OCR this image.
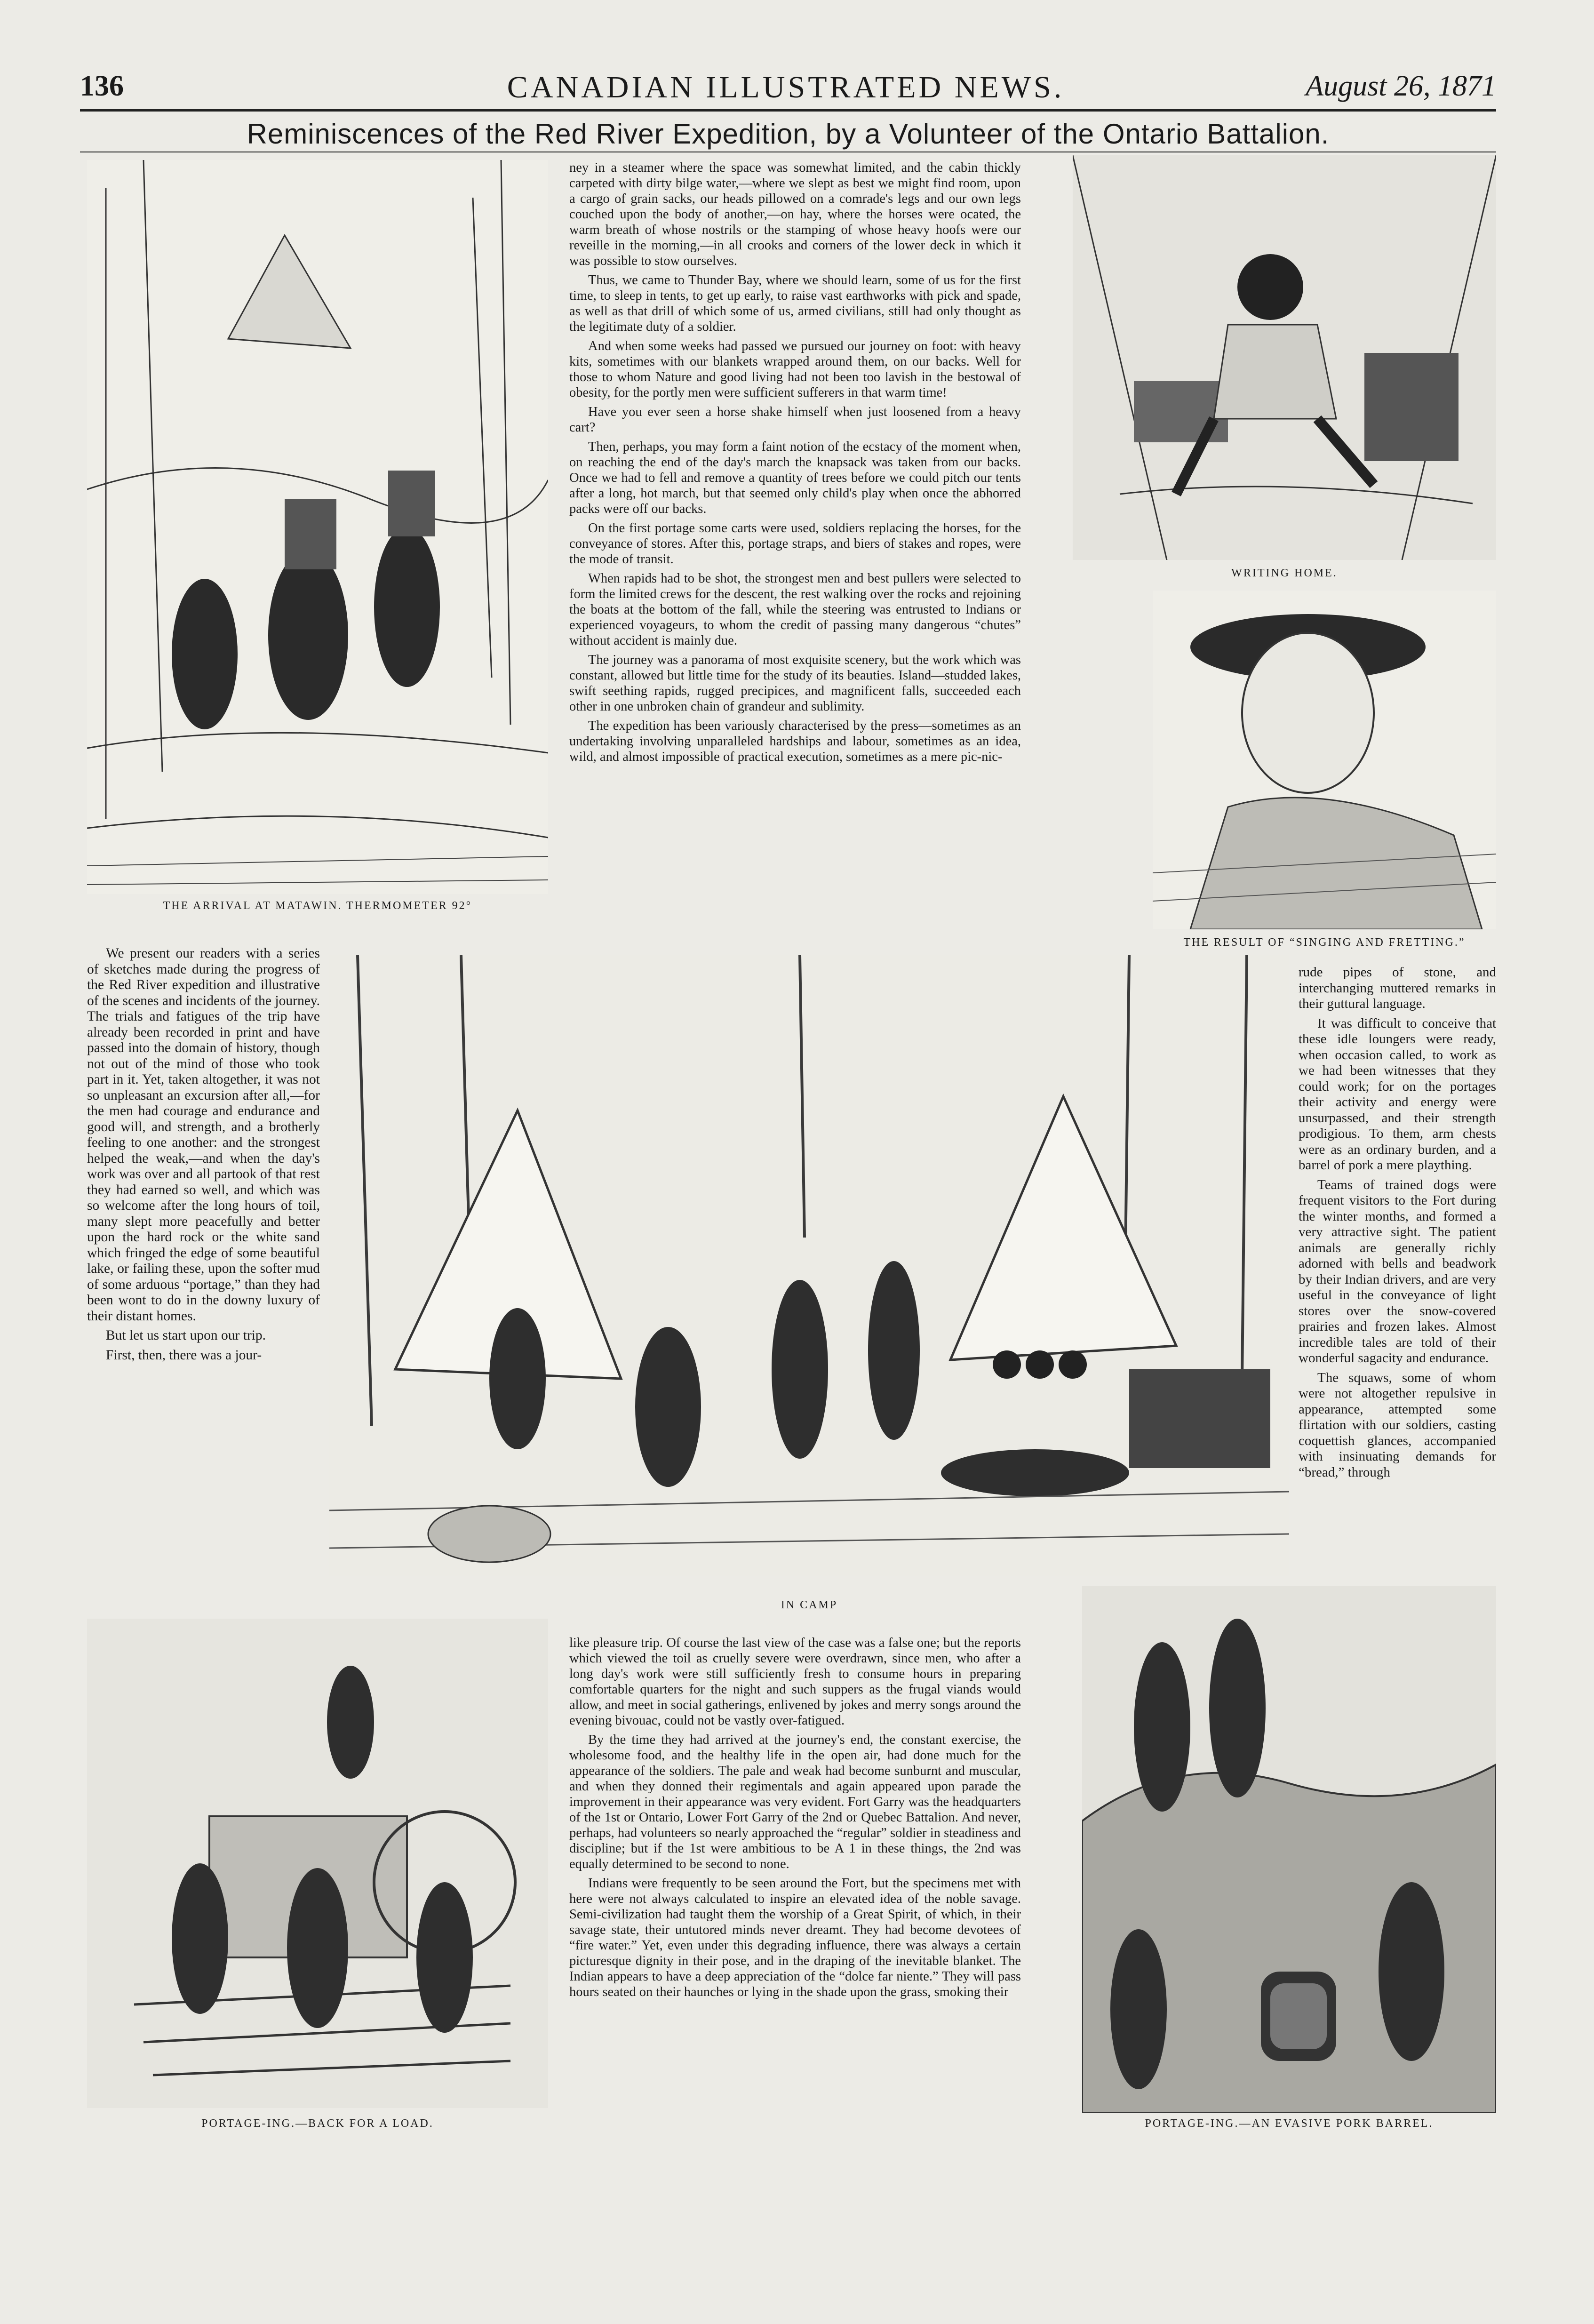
136	CANADIAN ILLUSTRATED NEWS.	August 26, 1871
Reminiscences of the Red River Expedition, by a Volunteer of the Ontario Battalion.
THE ARRIVAL AT MATAWIN. THERMOMETER 92°

ney in a steamer where the space was somewhat limited, and the cabin thickly carpeted with dirty bilge water,—where we slept as best we might find room, upon a cargo of grain sacks, our heads pillowed on a comrade's legs and our own legs couched upon the body of another,—on hay, where the horses were ocated, the warm breath of whose nostrils or the stamping of whose heavy hoofs were our reveille in the morning,—in all crooks and corners of the lower deck in which it was possible to stow ourselves.

Thus, we came to Thunder Bay, where we should learn, some of us for the first time, to sleep in tents, to get up early, to raise vast earthworks with pick and spade, as well as that drill of which some of us, armed civilians, still had only thought as the legitimate duty of a soldier.

And when some weeks had passed we pursued our journey on foot: with heavy kits, sometimes with our blankets wrapped around them, on our backs. Well for those to whom Nature and good living had not been too lavish in the bestowal of obesity, for the portly men were sufficient sufferers in that warm time!

Have you ever seen a horse shake himself when just loosened from a heavy cart?

Then, perhaps, you may form a faint notion of the ecstacy of the moment when, on reaching the end of the day's march the knapsack was taken from our backs. Once we had to fell and remove a quantity of trees before we could pitch our tents after a long, hot march, but that seemed only child's play when once the abhorred packs were off our backs.

On the first portage some carts were used, soldiers replacing the horses, for the conveyance of stores. After this, portage straps, and biers of stakes and ropes, were the mode of transit.

When rapids had to be shot, the strongest men and best pullers were selected to form the limited crews for the descent, the rest walking over the rocks and rejoining the boats at the bottom of the fall, while the steering was entrusted to Indians or experienced voyageurs, to whom the credit of passing many dangerous “chutes” without accident is mainly due.

The journey was a panorama of most exquisite scenery, but the work which was constant, allowed but little time for the study of its beauties. Island—studded lakes, swift seething rapids, rugged precipices, and magnificent falls, succeeded each other in one unbroken chain of grandeur and sublimity.

The expedition has been variously characterised by the press—sometimes as an undertaking involving unparalleled hardships and labour, sometimes as an idea, wild, and almost impossible of practical execution, sometimes as a mere pic-nic-

WRITING HOME.
THE RESULT OF “SINGING AND FRETTING.”

We present our readers with a series of sketches made during the progress of the Red River expedition and illustrative of the scenes and incidents of the journey. The trials and fatigues of the trip have already been recorded in print and have passed into the domain of history, though not out of the mind of those who took part in it. Yet, taken altogether, it was not so unpleasant an excursion after all,—for the men had courage and endurance and good will, and strength, and a brotherly feeling to one another: and the strongest helped the weak,—and when the day's work was over and all partook of that rest they had earned so well, and which was so welcome after the long hours of toil, many slept more peacefully and better upon the hard rock or the white sand which fringed the edge of some beautiful lake, or failing these, upon the softer mud of some arduous “portage,” than they had been wont to do in the downy luxury of their distant homes.

But let us start upon our trip.

First, then, there was a jour-

IN CAMP

rude pipes of stone, and interchanging muttered remarks in their guttural language.

It was difficult to conceive that these idle loungers were ready, when occasion called, to work as we had been witnesses that they could work; for on the portages their activity and energy were unsurpassed, and their strength prodigious. To them, arm chests were as an ordinary burden, and a barrel of pork a mere plaything.

Teams of trained dogs were frequent visitors to the Fort during the winter months, and formed a very attractive sight. The patient animals are generally richly adorned with bells and beadwork by their Indian drivers, and are very useful in the conveyance of light stores over the snow-covered prairies and frozen lakes. Almost incredible tales are told of their wonderful sagacity and endurance.

The squaws, some of whom were not altogether repulsive in appearance, attempted some flirtation with our soldiers, casting coquettish glances, accompanied with insinuating demands for “bread,” through

PORTAGE-ING.—BACK FOR A LOAD.

like pleasure trip. Of course the last view of the case was a false one; but the reports which viewed the toil as cruelly severe were overdrawn, since men, who after a long day's work were still sufficiently fresh to consume hours in preparing comfortable quarters for the night and such suppers as the frugal viands would allow, and meet in social gatherings, enlivened by jokes and merry songs around the evening bivouac, could not be vastly over-fatigued.

By the time they had arrived at the journey's end, the constant exercise, the wholesome food, and the healthy life in the open air, had done much for the appearance of the soldiers. The pale and weak had become sunburnt and muscular, and when they donned their regimentals and again appeared upon parade the improvement in their appearance was very evident. Fort Garry was the headquarters of the 1st or Ontario, Lower Fort Garry of the 2nd or Quebec Battalion. And never, perhaps, had volunteers so nearly approached the “regular” soldier in steadiness and discipline; but if the 1st were ambitious to be A 1 in these things, the 2nd was equally determined to be second to none.

Indians were frequently to be seen around the Fort, but the specimens met with here were not always calculated to inspire an elevated idea of the noble savage. Semi-civilization had taught them the worship of a Great Spirit, of which, in their savage state, their untutored minds never dreamt. They had become devotees of “fire water.” Yet, even under this degrading influence, there was always a certain picturesque dignity in their pose, and in the draping of the inevitable blanket. The Indian appears to have a deep appreciation of the “dolce far niente.” They will pass hours seated on their haunches or lying in the shade upon the grass, smoking their

PORTAGE-ING.—AN EVASIVE PORK BARREL.
